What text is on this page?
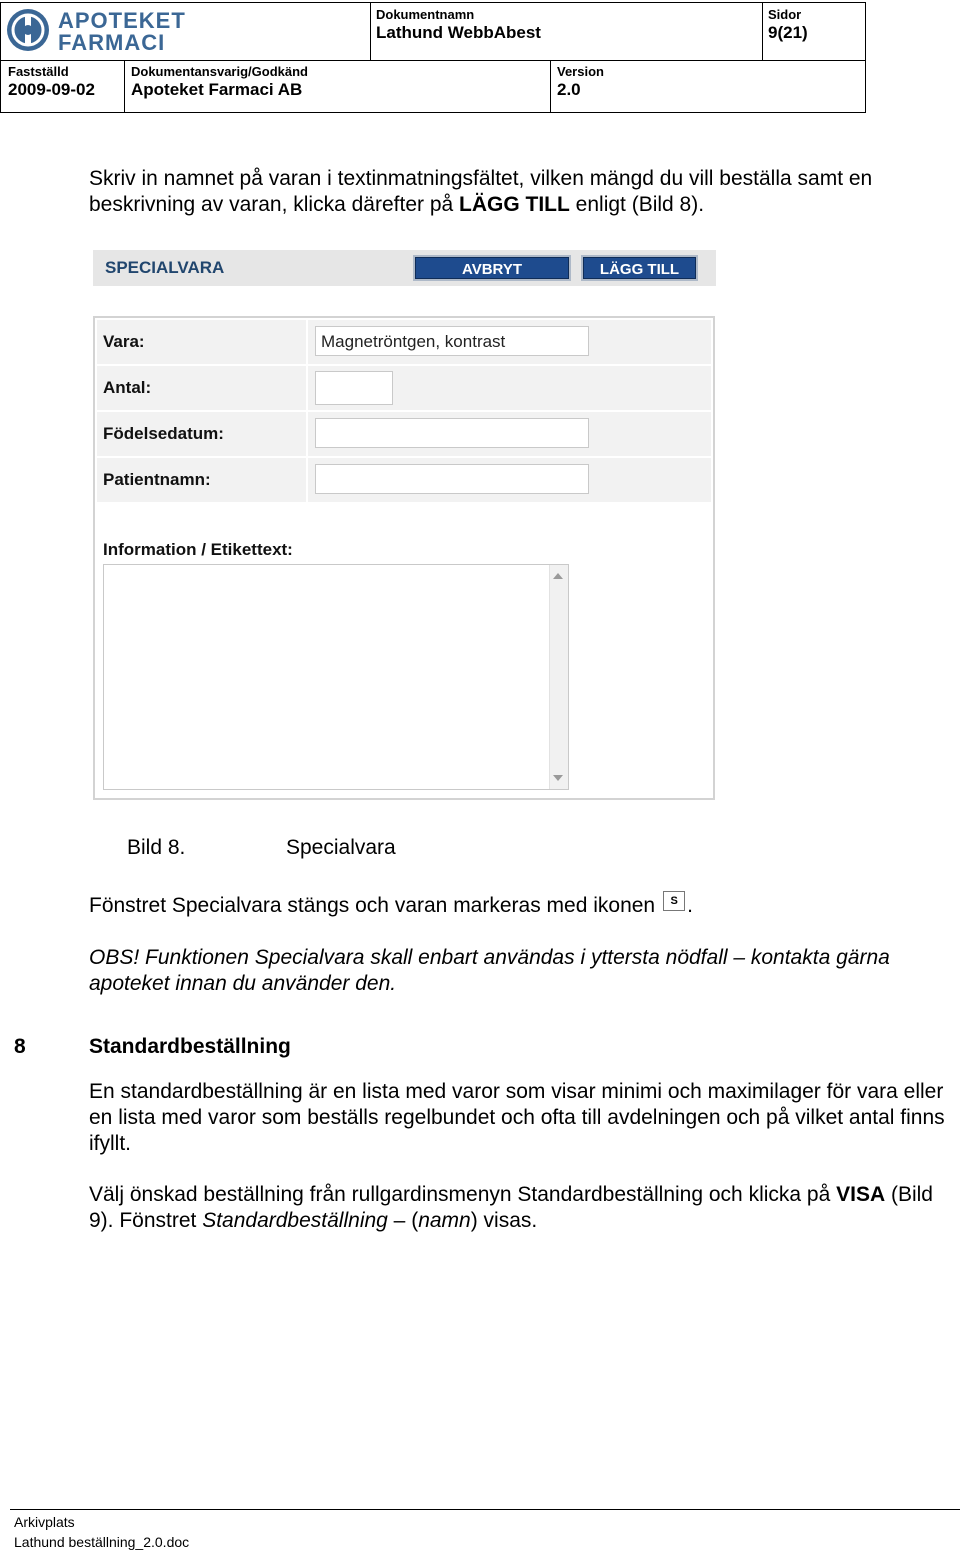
APOTEKET
FARMACI
Dokumentnamn
Lathund WebbAbest
Sidor
9(21)
Fastställd
2009-09-02
Dokumentansvarig/Godkänd
Apoteket Farmaci AB
Version
2.0
Skriv in namnet på varan i textinmatningsfältet, vilken mängd du vill beställa samt en beskrivning av varan, klicka därefter på LÄGG TILL enligt (Bild 8).
SPECIALVARA	AVBRYT	LÄGG TILL
Vara:	Magnetröntgen, kontrast
Antal:
Födelsedatum:
Patientnamn:
Information / Etikettext:
Bild 8.	Specialvara
Fönstret Specialvara stängs och varan markeras med ikonen S .
OBS! Funktionen Specialvara skall enbart användas i yttersta nödfall – kontakta gärna apoteket innan du använder den.
8	Standardbeställning
En standardbeställning är en lista med varor som visar minimi och maximilager för vara eller en lista med varor som beställs regelbundet och ofta till avdelningen och på vilket antal finns ifyllt.
Välj önskad beställning från rullgardinsmenyn Standardbeställning och klicka på VISA (Bild 9). Fönstret Standardbeställning – (namn) visas.
Arkivplats
Lathund beställning_2.0.doc
